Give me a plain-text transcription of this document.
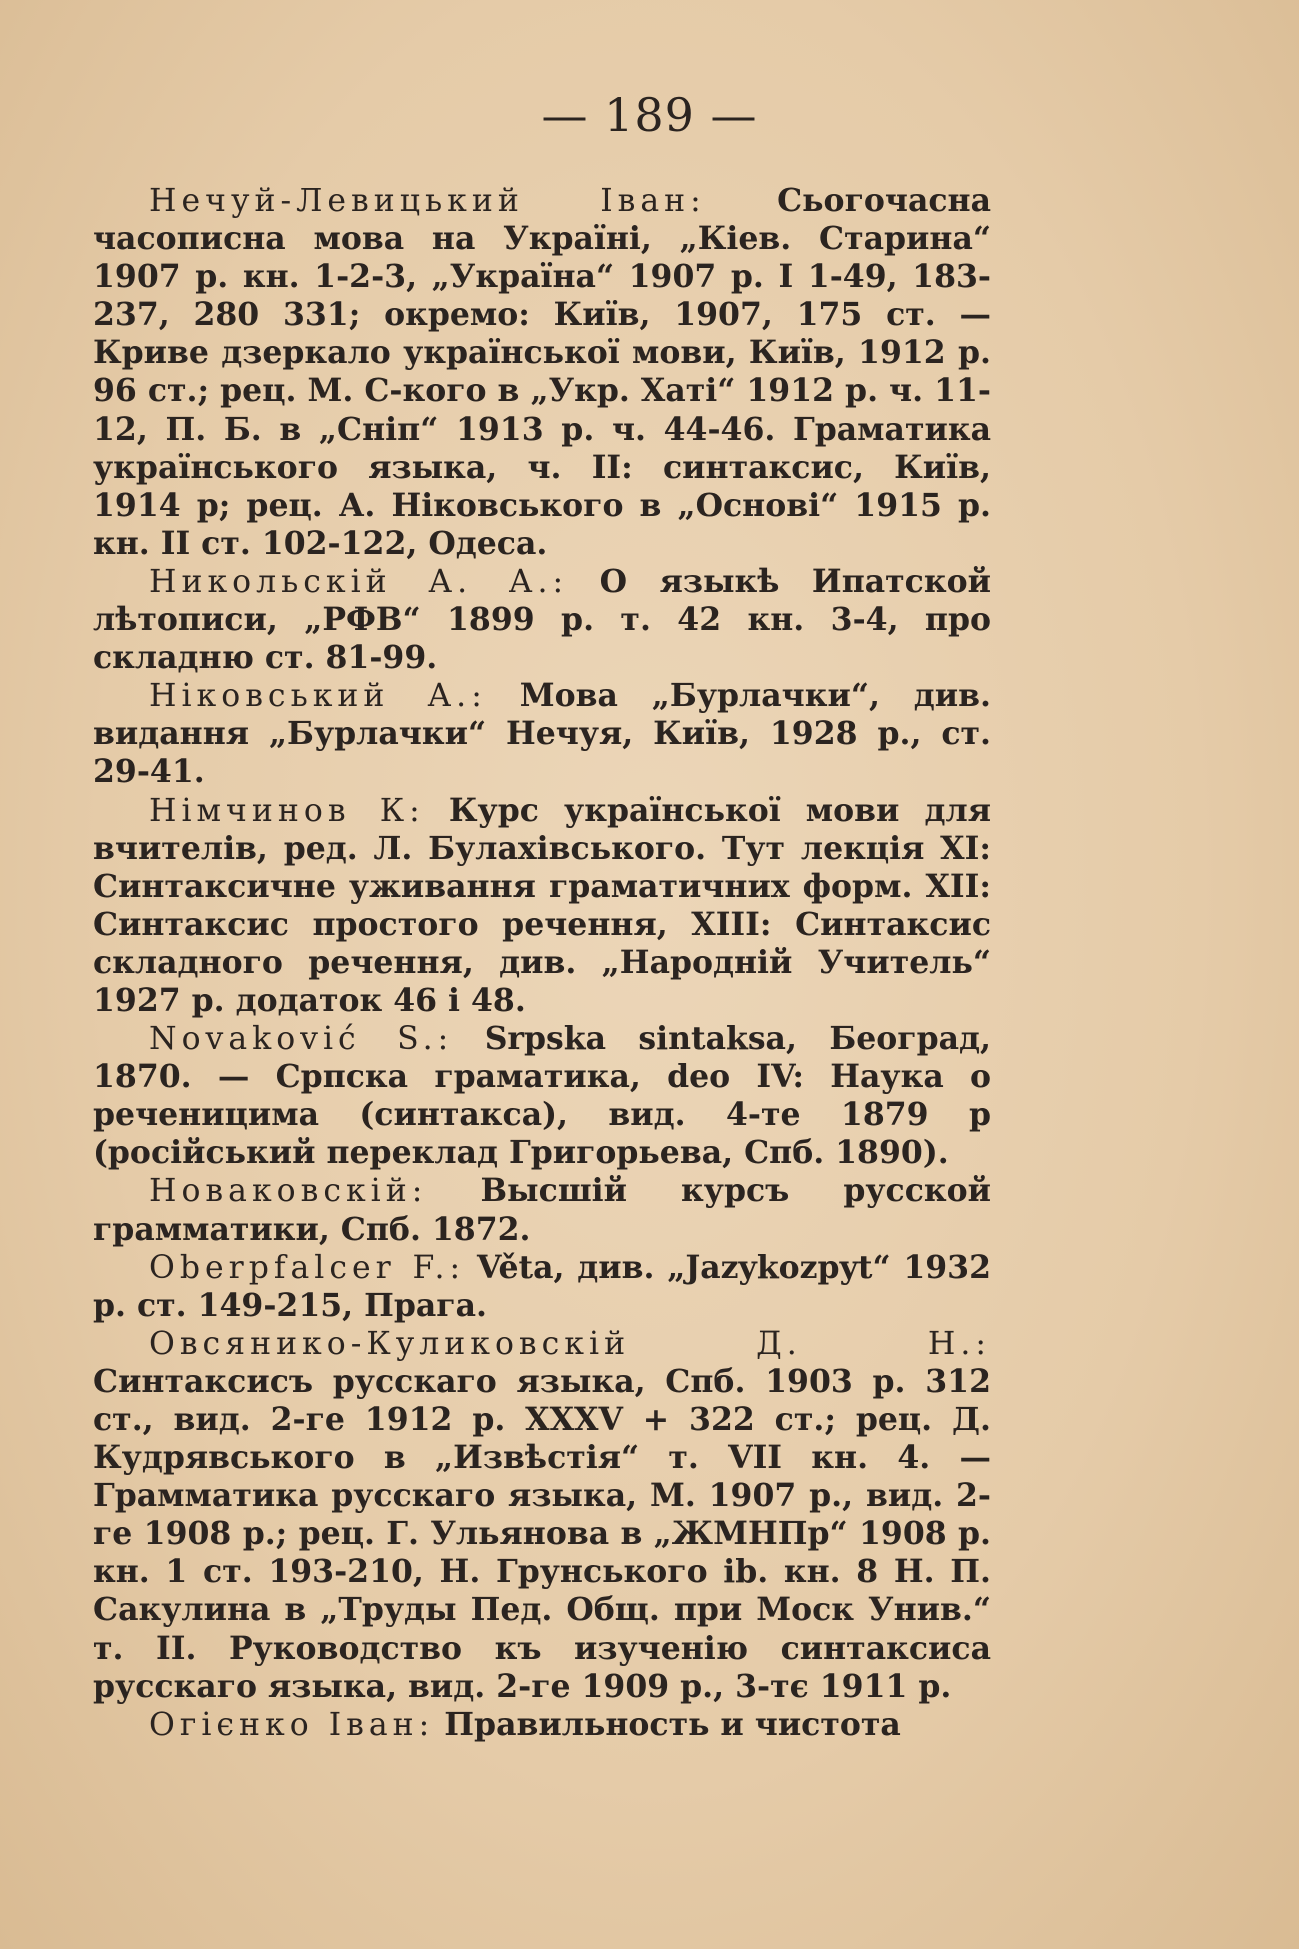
— 189 —

Нечуй-Левицький Іван: Сьогочасна часописна мова на Україні, „Кіев. Старина“ 1907 р. кн. 1-2-3, „Україна“ 1907 р. І 1-49, 183-237, 280 331; окремо: Київ, 1907, 175 ст. — Криве дзеркало української мови, Київ, 1912 р. 96 ст.; рец. М. С-кого в „Укр. Хаті“ 1912 р. ч. 11-12, П. Б. в „Сніп“ 1913 р. ч. 44-46. Граматика украïнського языка, ч. II: синтаксис, Київ, 1914 р; рец. А. Ніковського в „Основі“ 1915 р. кн. II ст. 102-122, Одеса.

Никольскій А. А.: О языкѣ Ипатской лѣтописи, „РФВ“ 1899 р. т. 42 кн. 3-4, про складню ст. 81-99.

Ніковський А.: Мова „Бурлачки“, див. видання „Бурлачки“ Нечуя, Київ, 1928 р., ст. 29-41.

Німчинов К: Курс української мови для вчителів, ред. Л. Булахівського. Тут лекція XI: Синтаксичне уживання граматичних форм. XII: Синтаксис простого речення, XIII: Синтаксис складного речення, див. „Народній Учитель“ 1927 р. додаток 46 і 48.

Novaković S.: Srpska sintaksa, Београд, 1870. — Српска граматика, deo IV: Наука о реченицима (синтакса), вид. 4-те 1879 р (російський переклад Григорьева, Спб. 1890).

Новаковскій: Высшій курсъ русской грамматики, Спб. 1872.

Oberpfalcer F.: Věta, див. „Jazykozpyt“ 1932 р. ст. 149-215, Прага.

Овсянико-Куликовскій Д. Н.: Синтаксисъ русскаго языка, Спб. 1903 р. 312 ст., вид. 2-ге 1912 р. XXXV + 322 ст.; рец. Д. Кудрявського в „Извѣстія“ т. VII кн. 4. — Грамматика русскаго языка, М. 1907 р., вид. 2-ге 1908 р.; рец. Г. Ульянова в „ЖМНПр“ 1908 р. кн. 1 ст. 193-210, Н. Грунського ib. кн. 8 Н. П. Сакулина в „Труды Пед. Общ. при Моск Унив.“ т. II. Руководство къ изученію синтаксиса русскаго языка, вид. 2-ге 1909 р., 3-тє 1911 р.

Огієнко Іван: Правильность и чистота
